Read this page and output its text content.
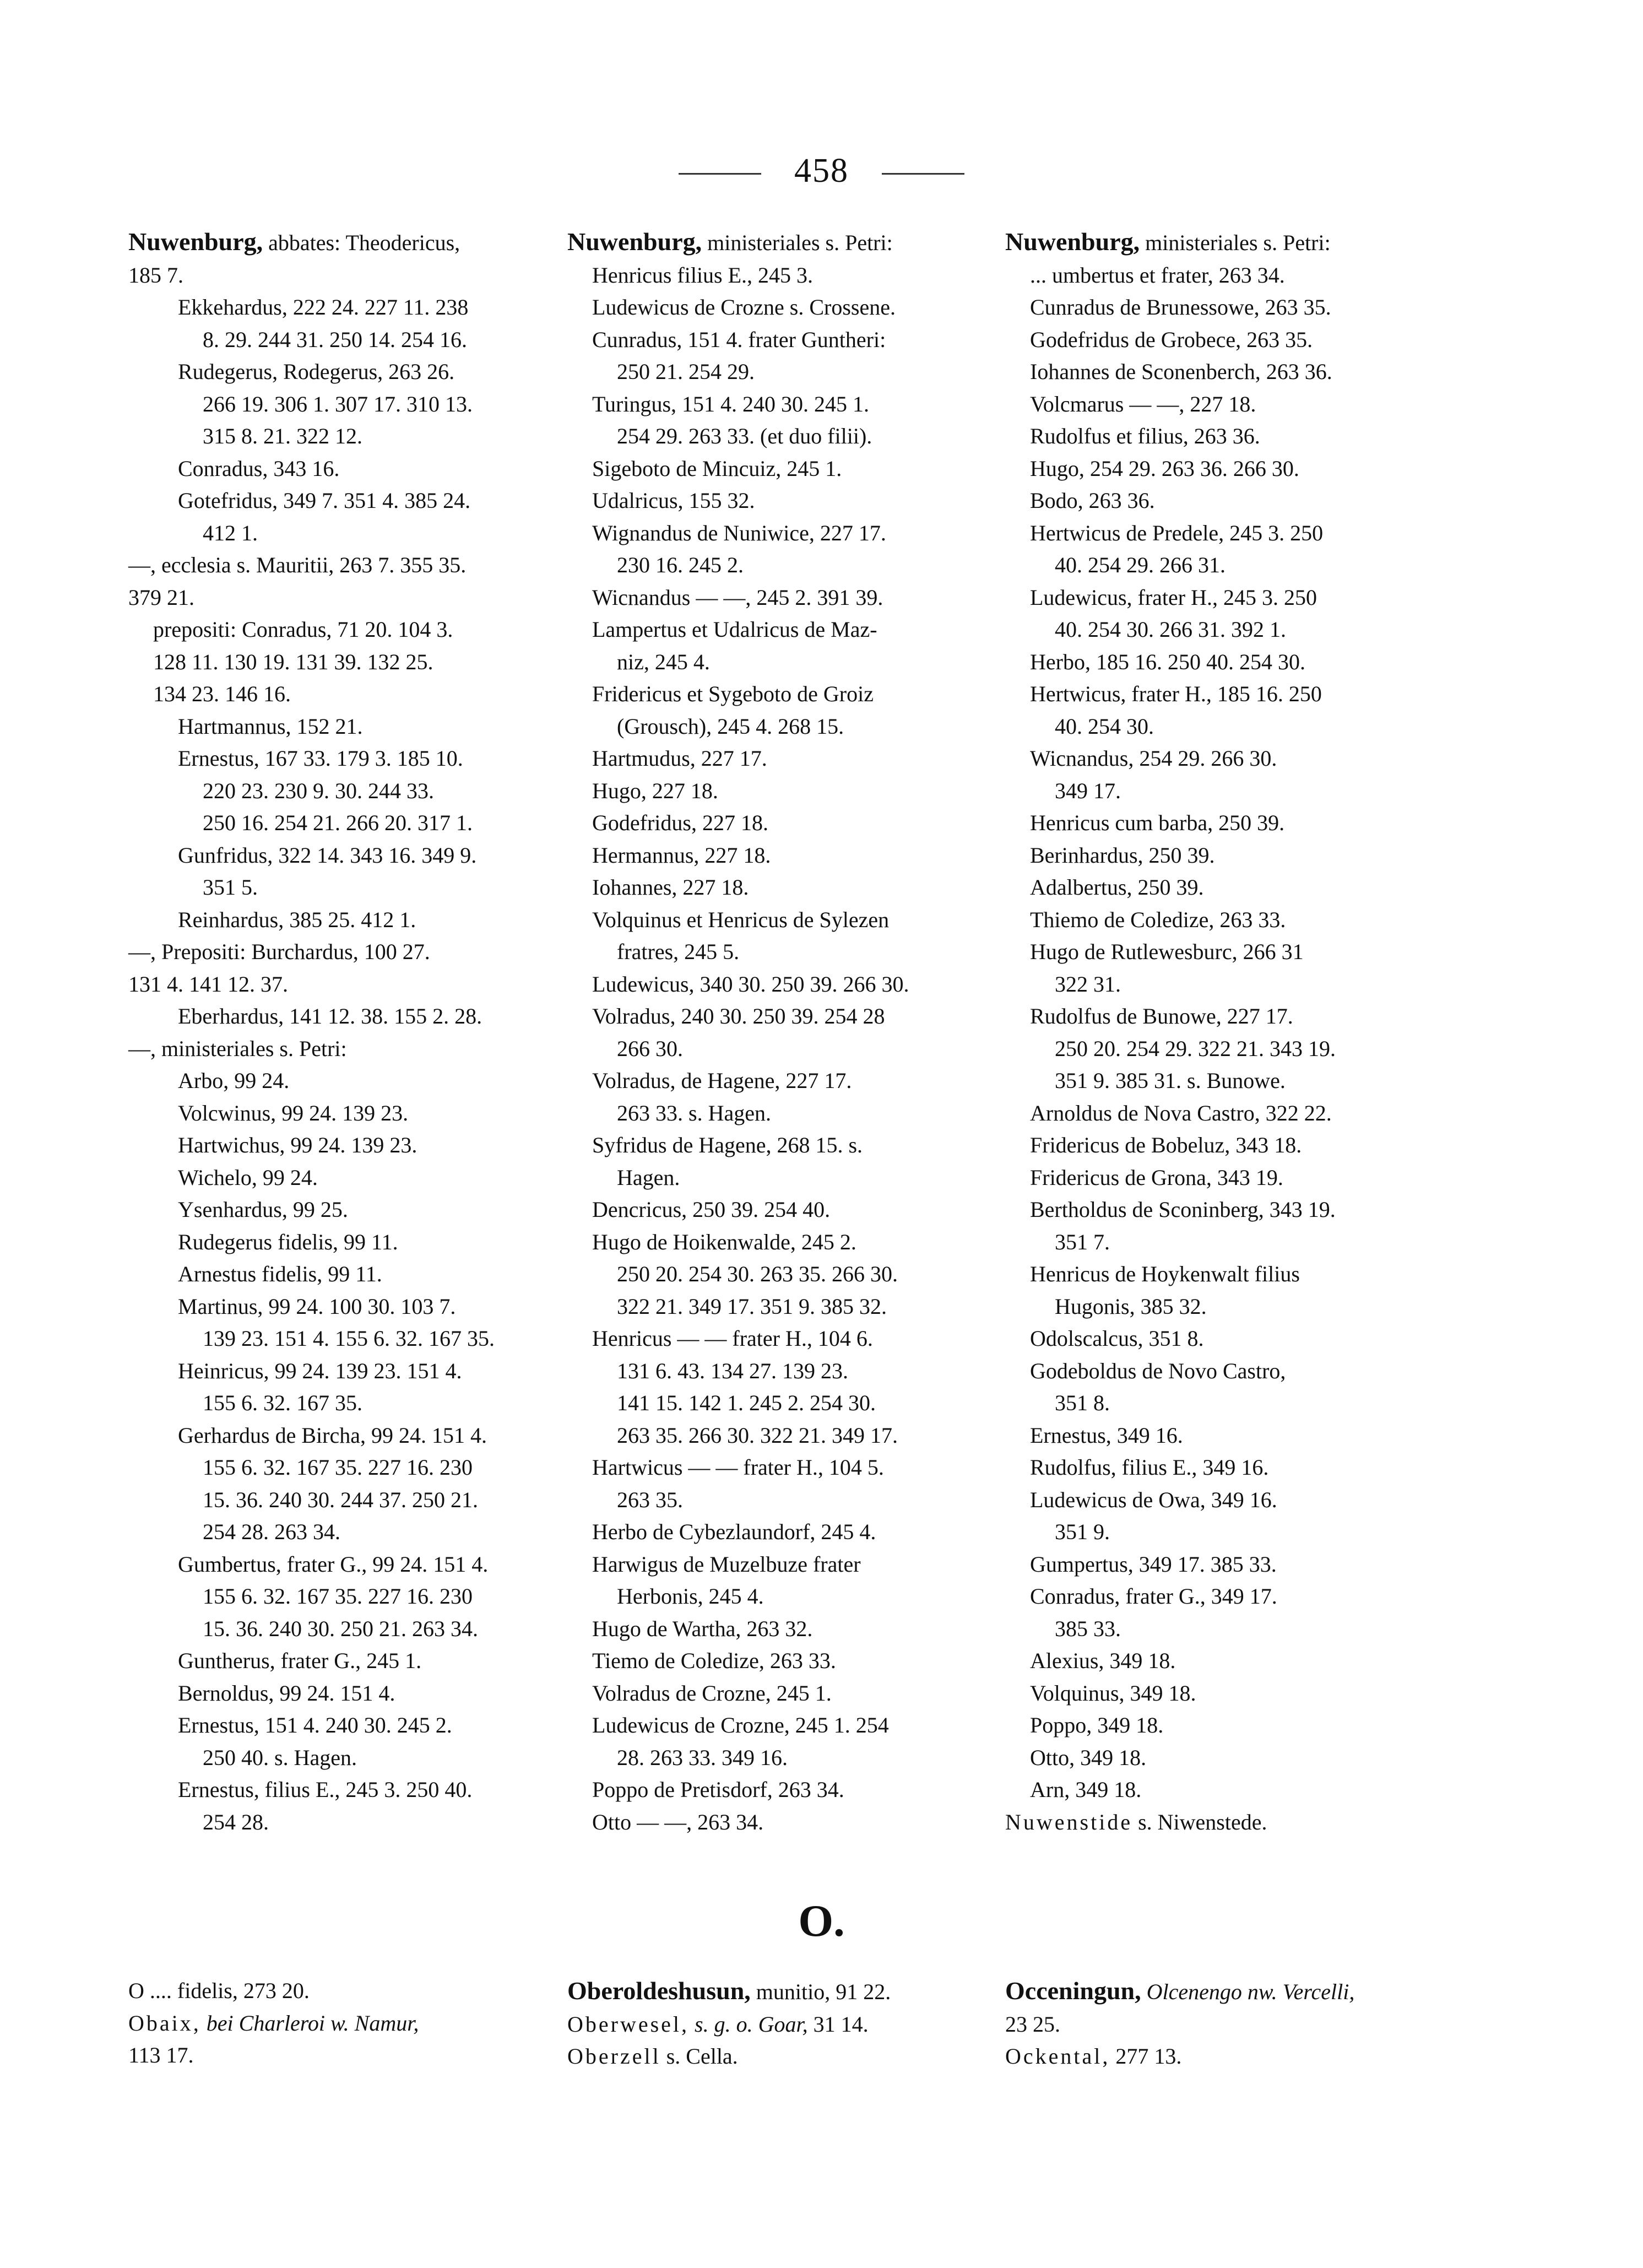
458
Nuwenburg, abbates: Theodericus,
185 7.
Ekkehardus, 222 24. 227 11. 238
8. 29. 244 31. 250 14. 254 16.
Rudegerus, Rodegerus, 263 26.
266 19. 306 1. 307 17. 310 13.
315 8. 21. 322 12.
Conradus, 343 16.
Gotefridus, 349 7. 351 4. 385 24.
412 1.
—, ecclesia s. Mauritii, 263 7. 355 35.
379 21.
prepositi: Conradus, 71 20. 104 3.
128 11. 130 19. 131 39. 132 25.
134 23. 146 16.
Hartmannus, 152 21.
Ernestus, 167 33. 179 3. 185 10.
220 23. 230 9. 30. 244 33.
250 16. 254 21. 266 20. 317 1.
Gunfridus, 322 14. 343 16. 349 9.
351 5.
Reinhardus, 385 25. 412 1.
—, Prepositi: Burchardus, 100 27.
131 4. 141 12. 37.
Eberhardus, 141 12. 38. 155 2. 28.
—, ministeriales s. Petri:
Arbo, 99 24.
Volcwinus, 99 24. 139 23.
Hartwichus, 99 24. 139 23.
Wichelo, 99 24.
Ysenhardus, 99 25.
Rudegerus fidelis, 99 11.
Arnestus fidelis, 99 11.
Martinus, 99 24. 100 30. 103 7.
139 23. 151 4. 155 6. 32. 167 35.
Heinricus, 99 24. 139 23. 151 4.
155 6. 32. 167 35.
Gerhardus de Bircha, 99 24. 151 4.
155 6. 32. 167 35. 227 16. 230
15. 36. 240 30. 244 37. 250 21.
254 28. 263 34.
Gumbertus, frater G., 99 24. 151 4.
155 6. 32. 167 35. 227 16. 230
15. 36. 240 30. 250 21. 263 34.
Guntherus, frater G., 245 1.
Bernoldus, 99 24. 151 4.
Ernestus, 151 4. 240 30. 245 2.
250 40. s. Hagen.
Ernestus, filius E., 245 3. 250 40.
254 28.
Nuwenburg, ministeriales s. Petri:
Henricus filius E., 245 3.
Ludewicus de Crozne s. Crossene.
Cunradus, 151 4. frater Guntheri:
250 21. 254 29.
Turingus, 151 4. 240 30. 245 1.
254 29. 263 33. (et duo filii).
Sigeboto de Mincuiz, 245 1.
Udalricus, 155 32.
Wignandus de Nuniwice, 227 17.
230 16. 245 2.
Wicnandus — —, 245 2. 391 39.
Lampertus et Udalricus de Maz-
niz, 245 4.
Fridericus et Sygeboto de Groiz
(Grousch), 245 4. 268 15.
Hartmudus, 227 17.
Hugo, 227 18.
Godefridus, 227 18.
Hermannus, 227 18.
Iohannes, 227 18.
Volquinus et Henricus de Sylezen
fratres, 245 5.
Ludewicus, 340 30. 250 39. 266 30.
Volradus, 240 30. 250 39. 254 28
266 30.
Volradus, de Hagene, 227 17.
263 33. s. Hagen.
Syfridus de Hagene, 268 15. s.
Hagen.
Dencricus, 250 39. 254 40.
Hugo de Hoikenwalde, 245 2.
250 20. 254 30. 263 35. 266 30.
322 21. 349 17. 351 9. 385 32.
Henricus — — frater H., 104 6.
131 6. 43. 134 27. 139 23.
141 15. 142 1. 245 2. 254 30.
263 35. 266 30. 322 21. 349 17.
Hartwicus — — frater H., 104 5.
263 35.
Herbo de Cybezlaundorf, 245 4.
Harwigus de Muzelbuze frater
Herbonis, 245 4.
Hugo de Wartha, 263 32.
Tiemo de Coledize, 263 33.
Volradus de Crozne, 245 1.
Ludewicus de Crozne, 245 1. 254
28. 263 33. 349 16.
Poppo de Pretisdorf, 263 34.
Otto — —, 263 34.
Nuwenburg, ministeriales s. Petri:
... umbertus et frater, 263 34.
Cunradus de Brunessowe, 263 35.
Godefridus de Grobece, 263 35.
Iohannes de Sconenberch, 263 36.
Volcmarus — —, 227 18.
Rudolfus et filius, 263 36.
Hugo, 254 29. 263 36. 266 30.
Bodo, 263 36.
Hertwicus de Predele, 245 3. 250
40. 254 29. 266 31.
Ludewicus, frater H., 245 3. 250
40. 254 30. 266 31. 392 1.
Herbo, 185 16. 250 40. 254 30.
Hertwicus, frater H., 185 16. 250
40. 254 30.
Wicnandus, 254 29. 266 30.
349 17.
Henricus cum barba, 250 39.
Berinhardus, 250 39.
Adalbertus, 250 39.
Thiemo de Coledize, 263 33.
Hugo de Rutlewesburc, 266 31
322 31.
Rudolfus de Bunowe, 227 17.
250 20. 254 29. 322 21. 343 19.
351 9. 385 31. s. Bunowe.
Arnoldus de Nova Castro, 322 22.
Fridericus de Bobeluz, 343 18.
Fridericus de Grona, 343 19.
Bertholdus de Sconinberg, 343 19.
351 7.
Henricus de Hoykenwalt filius
Hugonis, 385 32.
Odolscalcus, 351 8.
Godeboldus de Novo Castro,
351 8.
Ernestus, 349 16.
Rudolfus, filius E., 349 16.
Ludewicus de Owa, 349 16.
351 9.
Gumpertus, 349 17. 385 33.
Conradus, frater G., 349 17.
385 33.
Alexius, 349 18.
Volquinus, 349 18.
Poppo, 349 18.
Otto, 349 18.
Arn, 349 18.
Nuwenstide s. Niwenstede.
O.
O .... fidelis, 273 20.
Obaix, bei Charleroi w. Namur,
113 17.
Oberoldeshusun, munitio, 91 22.
Oberwesel, s. g. o. Goar, 31 14.
Oberzell s. Cella.
Occeningun, Olcenengo nw. Vercelli,
23 25.
Ockental, 277 13.
